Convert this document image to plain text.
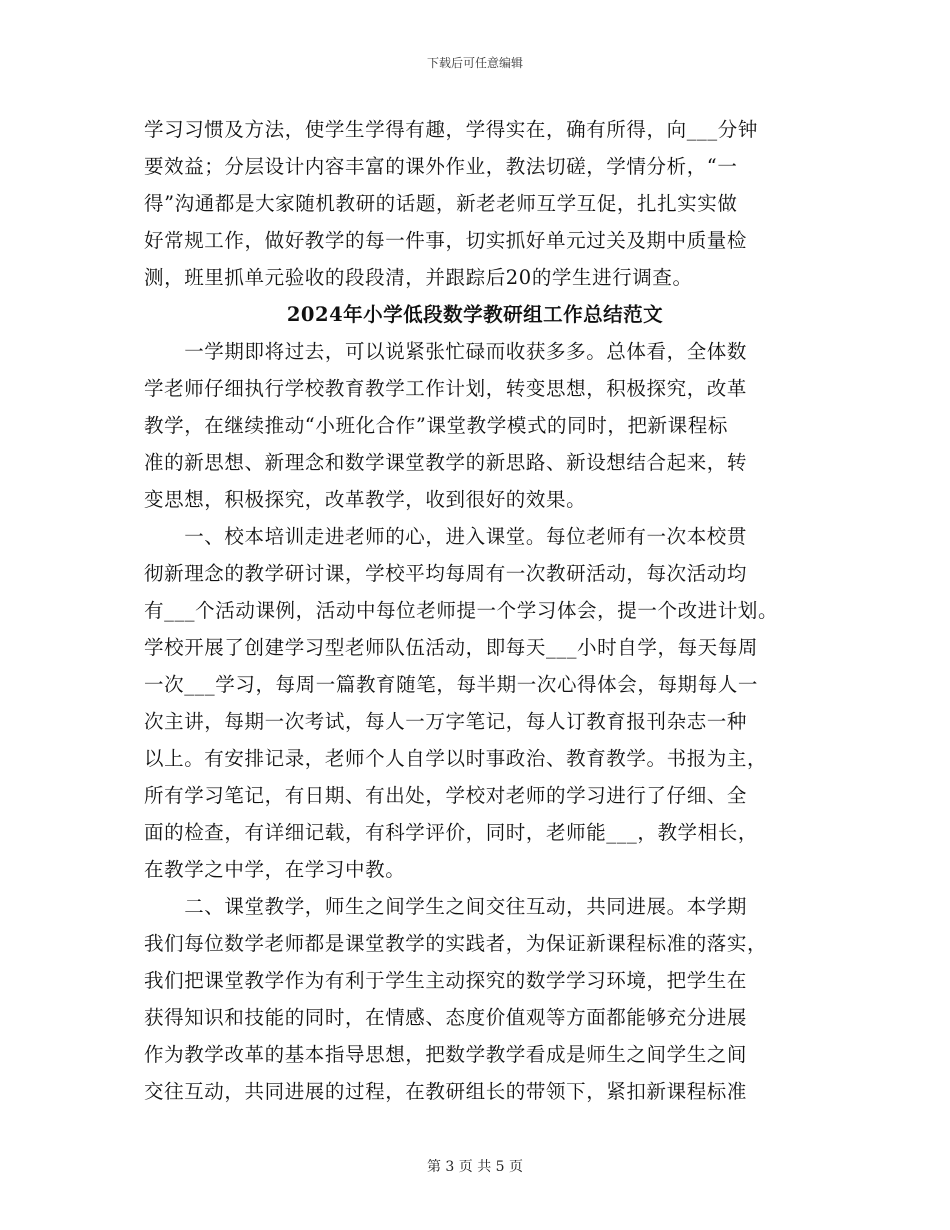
下载后可任意编辑
学习习惯及方法，使学生学得有趣，学得实在，确有所得，向___分钟
要效益；分层设计内容丰富的课外作业，教法切磋，学情分析，“一
得”沟通都是大家随机教研的话题，新老老师互学互促，扎扎实实做
好常规工作，做好教学的每一件事，切实抓好单元过关及期中质量检
测，班里抓单元验收的段段清，并跟踪后20的学生进行调查。
2024年小学低段数学教研组工作总结范文
　　一学期即将过去，可以说紧张忙碌而收获多多。总体看，全体数
学老师仔细执行学校教育教学工作计划，转变思想，积极探究，改革
教学，在继续推动“小班化合作”课堂教学模式的同时，把新课程标
准的新思想、新理念和数学课堂教学的新思路、新设想结合起来，转
变思想，积极探究，改革教学，收到很好的效果。
　　一、校本培训走进老师的心，进入课堂。每位老师有一次本校贯
彻新理念的教学研讨课，学校平均每周有一次教研活动，每次活动均
有___个活动课例，活动中每位老师提一个学习体会，提一个改进计划。
学校开展了创建学习型老师队伍活动，即每天___小时自学，每天每周
一次___学习，每周一篇教育随笔，每半期一次心得体会，每期每人一
次主讲，每期一次考试，每人一万字笔记，每人订教育报刊杂志一种
以上。有安排记录，老师个人自学以时事政治、教育教学。书报为主，
所有学习笔记，有日期、有出处，学校对老师的学习进行了仔细、全
面的检查，有详细记载，有科学评价，同时，老师能___，教学相长，
在教学之中学，在学习中教。
　　二、课堂教学，师生之间学生之间交往互动，共同进展。本学期
我们每位数学老师都是课堂教学的实践者，为保证新课程标准的落实，
我们把课堂教学作为有利于学生主动探究的数学学习环境，把学生在
获得知识和技能的同时，在情感、态度价值观等方面都能够充分进展
作为教学改革的基本指导思想，把数学教学看成是师生之间学生之间
交往互动，共同进展的过程，在教研组长的带领下，紧扣新课程标准
第 3 页 共 5 页
